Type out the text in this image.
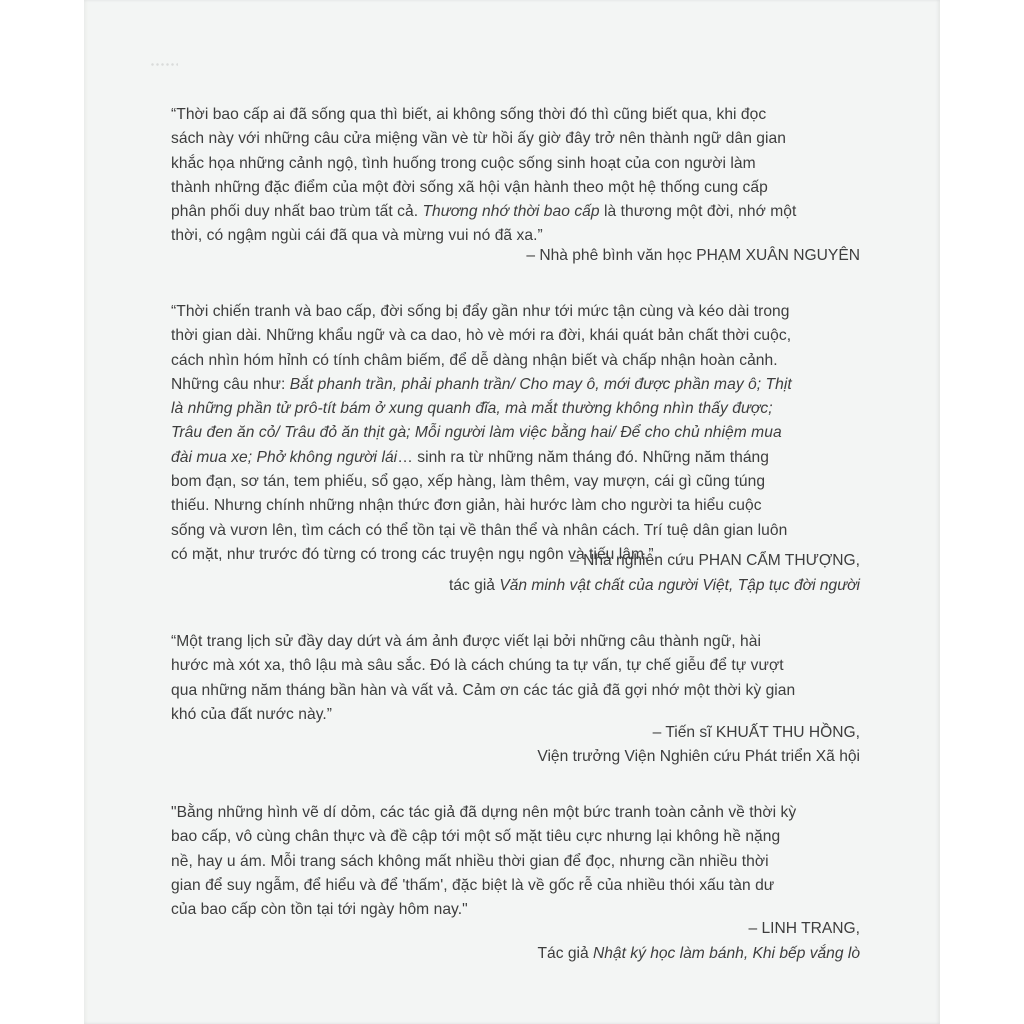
“Thời bao cấp ai đã sống qua thì biết, ai không sống thời đó thì cũng biết qua, khi đọc
sách này với những câu cửa miệng vần vè từ hồi ấy giờ đây trở nên thành ngữ dân gian
khắc họa những cảnh ngộ, tình huống trong cuộc sống sinh hoạt của con người làm
thành những đặc điểm của một đời sống xã hội vận hành theo một hệ thống cung cấp
phân phối duy nhất bao trùm tất cả. Thương nhớ thời bao cấp là thương một đời, nhớ một
thời, có ngậm ngùi cái đã qua và mừng vui nó đã xa.”
– Nhà phê bình văn học PHẠM XUÂN NGUYÊN
“Thời chiến tranh và bao cấp, đời sống bị đẩy gần như tới mức tận cùng và kéo dài trong
thời gian dài. Những khẩu ngữ và ca dao, hò vè mới ra đời, khái quát bản chất thời cuộc,
cách nhìn hóm hỉnh có tính châm biếm, để dễ dàng nhận biết và chấp nhận hoàn cảnh.
Những câu như: Bắt phanh trần, phải phanh trần/ Cho may ô, mới được phần may ô; Thịt
là những phần tử prô-tít bám ở xung quanh đĩa, mà mắt thường không nhìn thấy được;
Trâu đen ăn cỏ/ Trâu đỏ ăn thịt gà; Mỗi người làm việc bằng hai/ Để cho chủ nhiệm mua
đài mua xe; Phở không người lái… sinh ra từ những năm tháng đó. Những năm tháng
bom đạn, sơ tán, tem phiếu, sổ gạo, xếp hàng, làm thêm, vay mượn, cái gì cũng túng
thiếu. Nhưng chính những nhận thức đơn giản, hài hước làm cho người ta hiểu cuộc
sống và vươn lên, tìm cách có thể tồn tại về thân thể và nhân cách. Trí tuệ dân gian luôn
có mặt, như trước đó từng có trong các truyện ngụ ngôn và tiếu lâm.”
– Nhà nghiên cứu PHAN CẨM THƯỢNG,
tác giả Văn minh vật chất của người Việt, Tập tục đời người
“Một trang lịch sử đầy day dứt và ám ảnh được viết lại bởi những câu thành ngữ, hài
hước mà xót xa, thô lậu mà sâu sắc. Đó là cách chúng ta tự vấn, tự chế giễu để tự vượt
qua những năm tháng bần hàn và vất vả. Cảm ơn các tác giả đã gợi nhớ một thời kỳ gian
khó của đất nước này.”
– Tiến sĩ KHUẤT THU HỒNG,
Viện trưởng Viện Nghiên cứu Phát triển Xã hội
"Bằng những hình vẽ dí dỏm, các tác giả đã dựng nên một bức tranh toàn cảnh về thời kỳ
bao cấp, vô cùng chân thực và đề cập tới một số mặt tiêu cực nhưng lại không hề nặng
nề, hay u ám. Mỗi trang sách không mất nhiều thời gian để đọc, nhưng cần nhiều thời
gian để suy ngẫm, để hiểu và để 'thấm', đặc biệt là về gốc rễ của nhiều thói xấu tàn dư
của bao cấp còn tồn tại tới ngày hôm nay."
– LINH TRANG,
Tác giả Nhật ký học làm bánh, Khi bếp vắng lò
